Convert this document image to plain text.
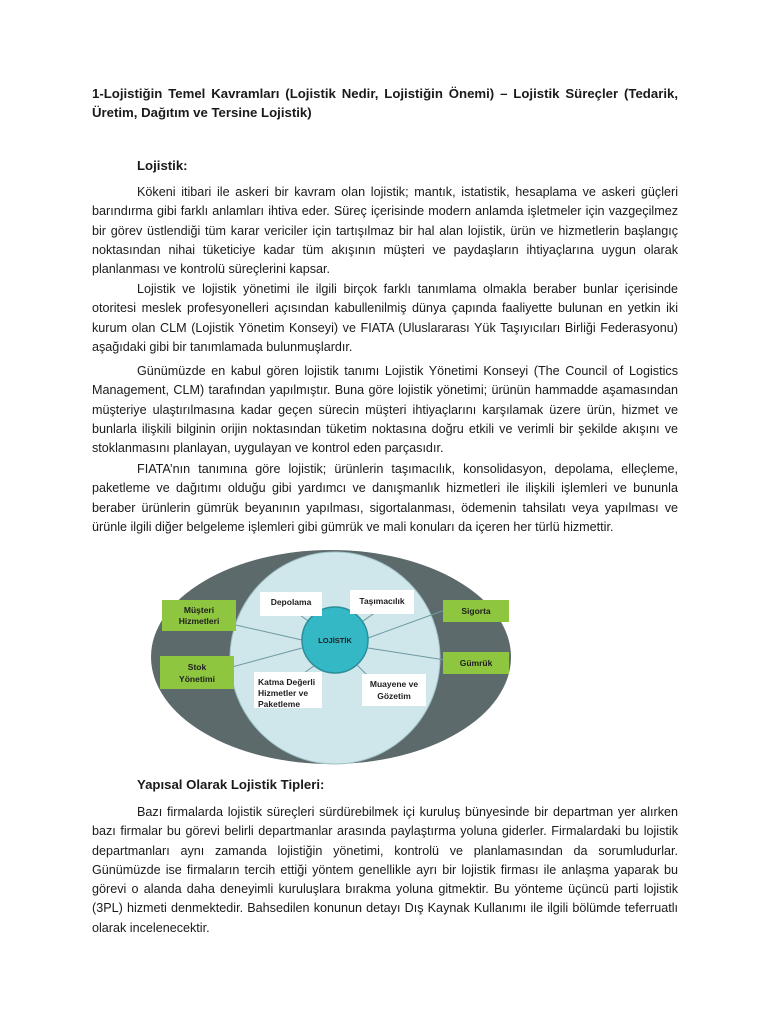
1-Lojistiğin Temel Kavramları (Lojistik Nedir, Lojistiğin Önemi) – Lojistik Süreçler (Tedarik, Üretim, Dağıtım ve Tersine Lojistik)
Lojistik:

Kökeni itibari ile askeri bir kavram olan lojistik; mantık, istatistik, hesaplama ve askeri güçleri barındırma gibi farklı anlamları ihtiva eder. Süreç içerisinde modern anlamda işletmeler için vazgeçilmez bir görev üstlendiği tüm karar vericiler için tartışılmaz bir hal alan lojistik, ürün ve hizmetlerin başlangıç noktasından nihai tüketiciye kadar tüm akışının müşteri ve paydaşların ihtiyaçlarına uygun olarak planlanması ve kontrolü süreçlerini kapsar.

Lojistik ve lojistik yönetimi ile ilgili birçok farklı tanımlama olmakla beraber bunlar içerisinde otoritesi meslek profesyonelleri açısından kabullenilmiş dünya çapında faaliyette bulunan en yetkin iki kurum olan CLM (Lojistik Yönetim Konseyi) ve FIATA (Uluslararası Yük Taşıyıcıları Birliği Federasyonu) aşağıdaki gibi bir tanımlamada bulunmuşlardır.

Günümüzde en kabul gören lojistik tanımı Lojistik Yönetimi Konseyi (The Council of Logistics Management, CLM) tarafından yapılmıştır. Buna göre lojistik yönetimi; ürünün hammadde aşamasından müşteriye ulaştırılmasına kadar geçen sürecin müşteri ihtiyaçlarını karşılamak üzere ürün, hizmet ve bunlarla ilişkili bilginin orijin noktasından tüketim noktasına doğru etkili ve verimli bir şekilde akışını ve stoklanmasını planlayan, uygulayan ve kontrol eden parçasıdır.

FIATA’nın tanımına göre lojistik; ürünlerin taşımacılık, konsolidasyon, depolama, elleçleme, paketleme ve dağıtımı olduğu gibi yardımcı ve danışmanlık hizmetleri ile ilişkili işlemleri ve bununla beraber ürünlerin gümrük beyanının yapılması, sigortalanması, ödemenin tahsilatı veya yapılması ve ürünle ilgili diğer belgeleme işlemleri gibi gümrük ve mali konuları da içeren her türlü hizmettir.

LOJİSTİK
Depolama	Taşımacılık
Katma Değerli
Hizmetler ve
Paketleme
Muayene ve
Gözetim
Müşteri
Hizmetleri
Stok
Yönetimi
Sigorta
Gümrük
Yapısal Olarak Lojistik Tipleri:

Bazı firmalarda lojistik süreçleri sürdürebilmek içi kuruluş bünyesinde bir departman yer alırken bazı firmalar bu görevi belirli departmanlar arasında paylaştırma yoluna giderler. Firmalardaki bu lojistik departmanları aynı zamanda lojistiğin yönetimi, kontrolü ve planlamasından da sorumludurlar. Günümüzde ise firmaların tercih ettiği yöntem genellikle ayrı bir lojistik firması ile anlaşma yaparak bu görevi o alanda daha deneyimli kuruluşlara bırakma yoluna gitmektir. Bu yönteme üçüncü parti lojistik (3PL) hizmeti denmektedir. Bahsedilen konunun detayı Dış Kaynak Kullanımı ile ilgili bölümde teferruatlı olarak incelenecektir.
